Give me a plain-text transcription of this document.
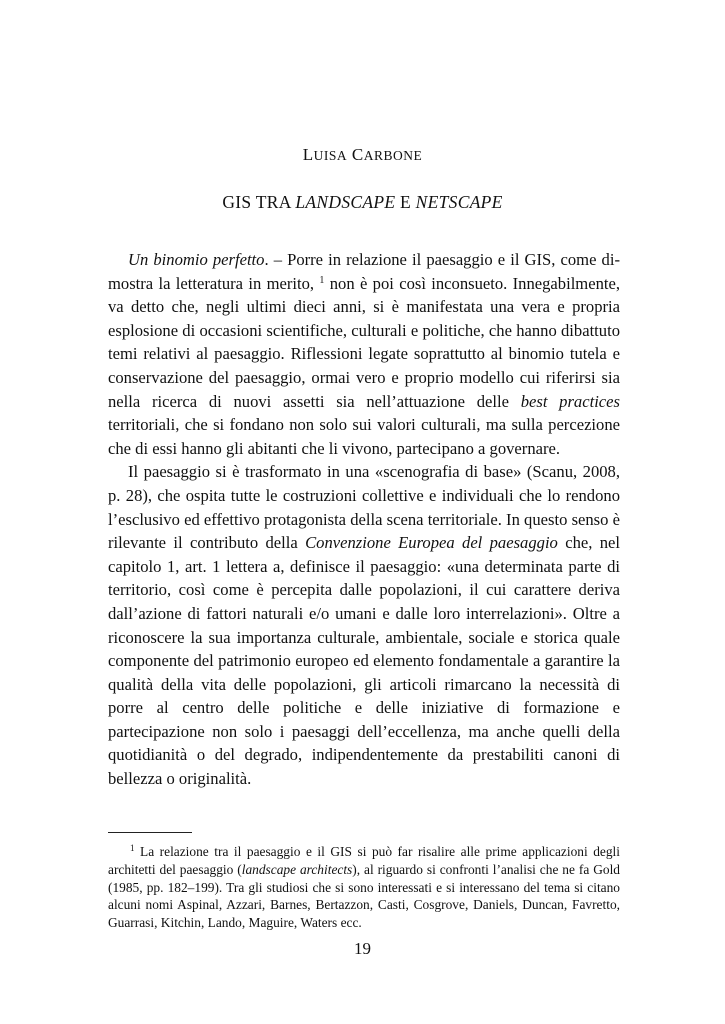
LUISA CARBONE
GIS TRA LANDSCAPE E NETSCAPE

Un binomio perfetto. – Porre in relazione il paesaggio e il GIS, come dimostra la letteratura in merito, $^1$ non è poi così inconsueto. Innegabilmente, va detto che, negli ultimi dieci anni, si è manifestata una vera e propria esplosione di occasioni scientifiche, culturali e politiche, che hanno dibattuto temi relativi al paesaggio. Riflessioni legate soprattutto al binomio tutela e conservazione del paesaggio, ormai vero e proprio modello cui riferirsi sia nella ricerca di nuovi assetti sia nell’attuazione delle best practices territoriali, che si fondano non solo sui valori culturali, ma sulla percezione che di essi hanno gli abitanti che li vivono, partecipano a governare.

Il paesaggio si è trasformato in una «scenografia di base» (Scanu, 2008, p. 28), che ospita tutte le costruzioni collettive e individuali che lo rendono l’esclusivo ed effettivo protagonista della scena territoriale. In questo senso è rilevante il contributo della Convenzione Europea del paesaggio che, nel capitolo 1, art. 1 lettera a, definisce il paesaggio: «una determinata parte di territorio, così come è percepita dalle popolazioni, il cui carattere deriva dall’azione di fattori naturali e/o umani e dalle loro interrelazioni». Oltre a riconoscere la sua importanza culturale, ambientale, sociale e storica quale componente del patrimonio europeo ed elemento fondamentale a garantire la qualità della vita delle popolazioni, gli articoli rimarcano la necessità di porre al centro delle politiche e delle iniziative di formazione e partecipazione non solo i paesaggi dell’eccellenza, ma anche quelli della quotidianità o del degrado, indipendentemente da prestabiliti canoni di bellezza o originalità.

$^1$ La relazione tra il paesaggio e il GIS si può far risalire alle prime applicazioni degli architetti del paesaggio (landscape architects), al riguardo si confronti l’analisi che ne fa Gold (1985, pp. 182–199). Tra gli studiosi che si sono interessati e si interessano del tema si citano alcuni nomi Aspinal, Azzari, Barnes, Bertazzon, Casti, Cosgrove, Daniels, Duncan, Favretto, Guarrasi, Kitchin, Lando, Maguire, Waters ecc.

19
